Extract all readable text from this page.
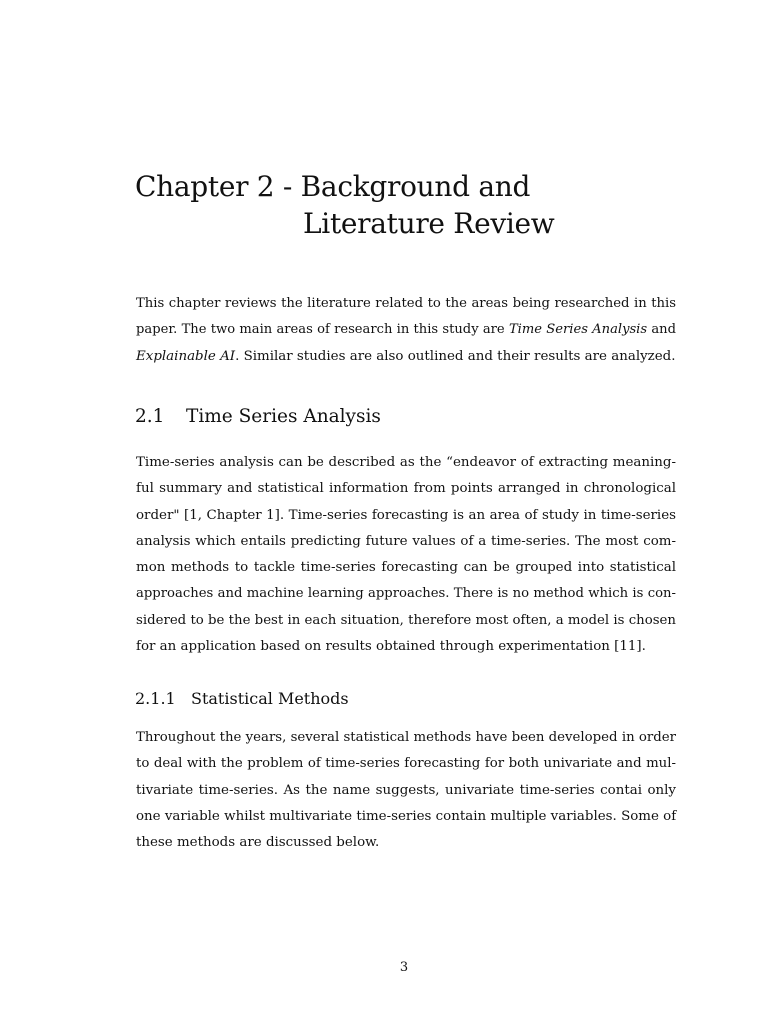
Chapter 2 - Background and
Literature Review

This chapter reviews the literature related to the areas being researched in this
paper. The two main areas of research in this study are Time Series Analysis and
Explainable AI. Similar studies are also outlined and their results are analyzed.

2.1 Time Series Analysis

Time-series analysis can be described as the “endeavor of extracting meaning-
ful summary and statistical information from points arranged in chronological
order" [1, Chapter 1]. Time-series forecasting is an area of study in time-series
analysis which entails predicting future values of a time-series. The most com-
mon methods to tackle time-series forecasting can be grouped into statistical
approaches and machine learning approaches. There is no method which is con-
sidered to be the best in each situation, therefore most often, a model is chosen
for an application based on results obtained through experimentation [11].

2.1.1 Statistical Methods

Throughout the years, several statistical methods have been developed in order
to deal with the problem of time-series forecasting for both univariate and mul-
tivariate time-series. As the name suggests, univariate time-series contai only
one variable whilst multivariate time-series contain multiple variables. Some of
these methods are discussed below.

3
